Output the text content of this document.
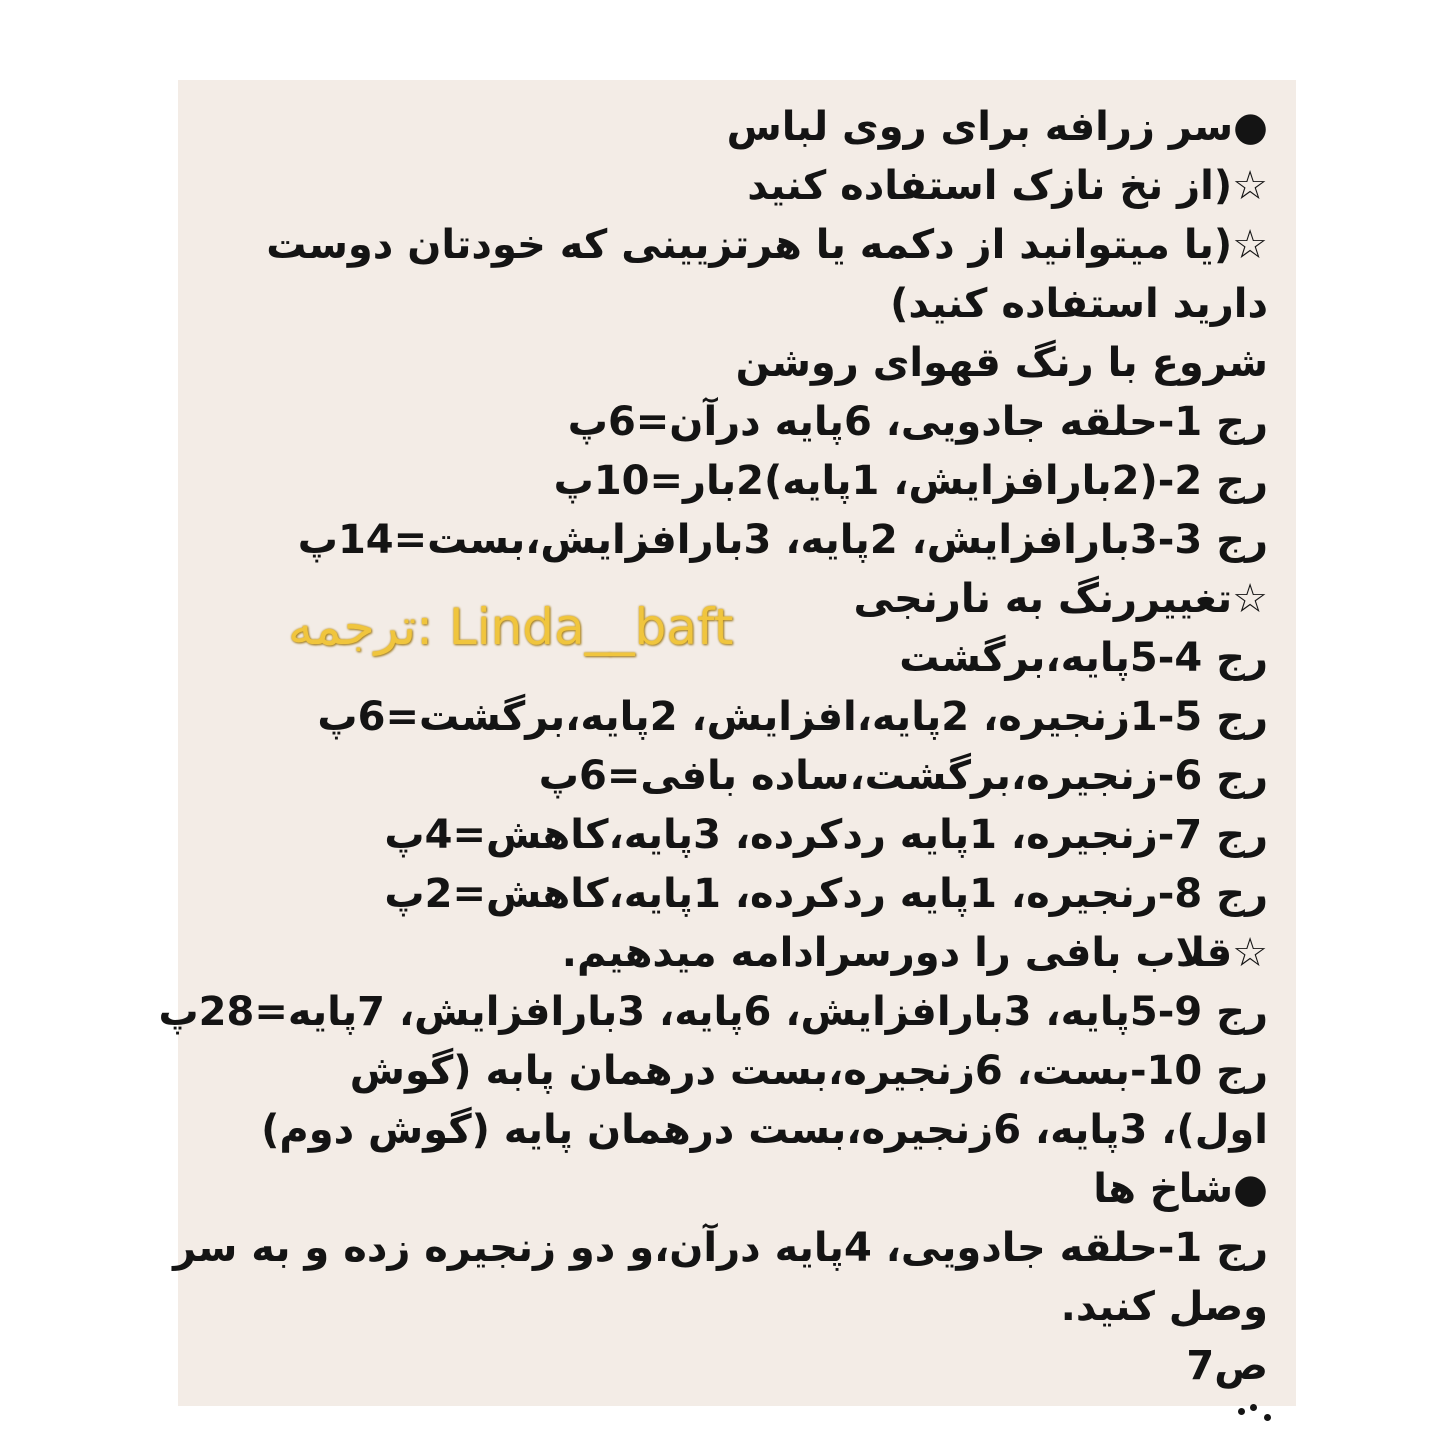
●سر زرافه برای روی لباس
☆(از نخ نازک استفاده کنید
☆(یا میتوانید از دکمه یا هرتزیینی که خودتان دوست
دارید استفاده کنید)
شروع با رنگ قهوای روشن
رج 1-حلقه جادویی، 6پایه درآن=6پ
رج 2-(2بارافزایش، 1پایه)2بار=10پ
رج 3-3بارافزایش، 2پایه، 3بارافزایش،بست=14پ
☆تغییررنگ به نارنجی
رج 4-5پایه،برگشت
رج 5-1زنجیره، 2پایه،افزایش، 2پایه،برگشت=6پ
رج 6-زنجیره،برگشت،ساده بافی=6پ
رج 7-زنجیره، 1پایه ردکرده، 3پایه،کاهش=4پ
رج 8-رنجیره، 1پایه ردکرده، 1پایه،کاهش=2پ
☆قلاب بافی را دورسرادامه میدهیم.
رج 9-5پایه، 3بارافزایش، 6پایه، 3بارافزایش، 7پایه=28پ
رج 10-بست، 6زنجیره،بست درهمان پابه (گوش
اول)، 3پایه، 6زنجیره،بست درهمان پایه (گوش دوم)
●شاخ ها
رج 1-حلقه جادویی، 4پایه درآن،و دو زنجیره زده و به سر
وصل کنید.
ص7
ترجمه: Linda__baft
